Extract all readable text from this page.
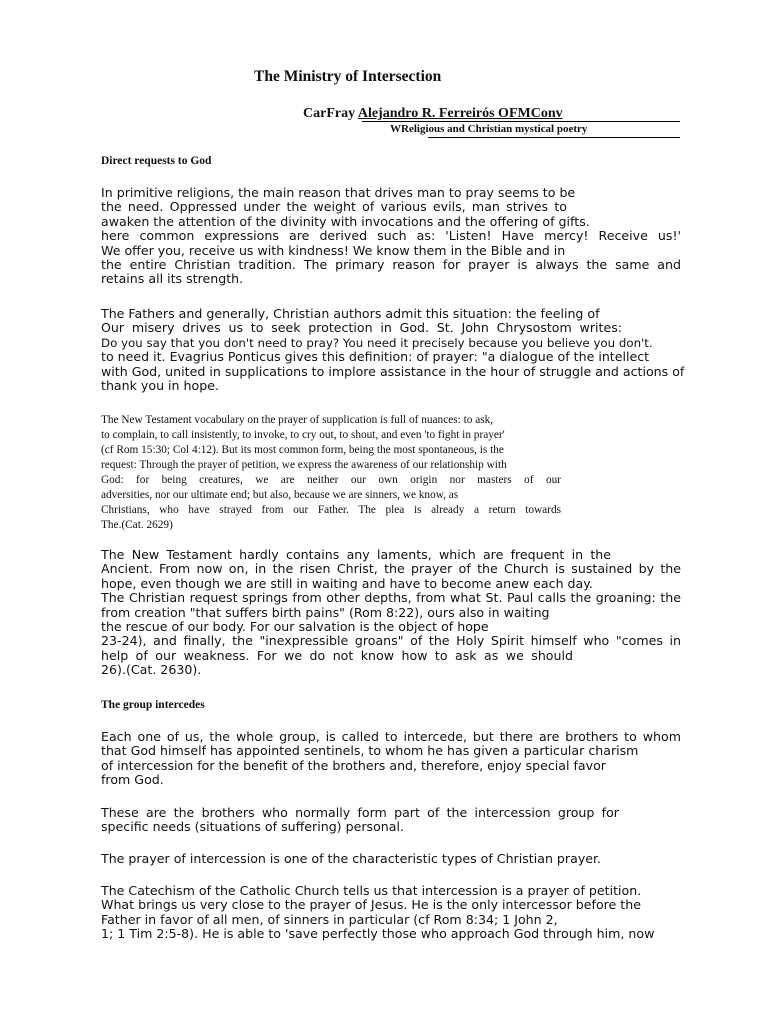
The Ministry of Intersection
CarFray Alejandro R. Ferreirós OFMConv
WReligious and Christian mystical poetry
Direct requests to God
In primitive religions, the main reason that drives man to pray seems to be
the need. Oppressed under the weight of various evils, man strives to
awaken the attention of the divinity with invocations and the offering of gifts.
here common expressions are derived such as: 'Listen! Have mercy! Receive us!'
We offer you, receive us with kindness! We know them in the Bible and in
the entire Christian tradition. The primary reason for prayer is always the same and
retains all its strength.
The Fathers and generally, Christian authors admit this situation: the feeling of
Our misery drives us to seek protection in God. St. John Chrysostom writes:
Do you say that you don't need to pray? You need it precisely because you believe you don't.
to need it. Evagrius Ponticus gives this definition: of prayer: "a dialogue of the intellect
with God, united in supplications to implore assistance in the hour of struggle and actions of
thank you in hope.
The New Testament vocabulary on the prayer of supplication is full of nuances: to ask,
to complain, to call insistently, to invoke, to cry out, to shout, and even 'to fight in prayer'
(cf Rom 15:30; Col 4:12). But its most common form, being the most spontaneous, is the
request: Through the prayer of petition, we express the awareness of our relationship with
God: for being creatures, we are neither our own origin nor masters of our
adversities, nor our ultimate end; but also, because we are sinners, we know, as
Christians, who have strayed from our Father. The plea is already a return towards
The.(Cat. 2629)
The New Testament hardly contains any laments, which are frequent in the
Ancient. From now on, in the risen Christ, the prayer of the Church is sustained by the
hope, even though we are still in waiting and have to become anew each day.
The Christian request springs from other depths, from what St. Paul calls the groaning: the
from creation "that suffers birth pains" (Rom 8:22), ours also in waiting
the rescue of our body. For our salvation is the object of hope
23-24), and finally, the "inexpressible groans" of the Holy Spirit himself who "comes in
help of our weakness. For we do not know how to ask as we should
26).(Cat. 2630).
The group intercedes
Each one of us, the whole group, is called to intercede, but there are brothers to whom
that God himself has appointed sentinels, to whom he has given a particular charism
of intercession for the benefit of the brothers and, therefore, enjoy special favor
from God.
These are the brothers who normally form part of the intercession group for
specific needs (situations of suffering) personal.
The prayer of intercession is one of the characteristic types of Christian prayer.
The Catechism of the Catholic Church tells us that intercession is a prayer of petition.
What brings us very close to the prayer of Jesus. He is the only intercessor before the
Father in favor of all men, of sinners in particular (cf Rom 8:34; 1 John 2,
1; 1 Tim 2:5-8). He is able to 'save perfectly those who approach God through him, now
